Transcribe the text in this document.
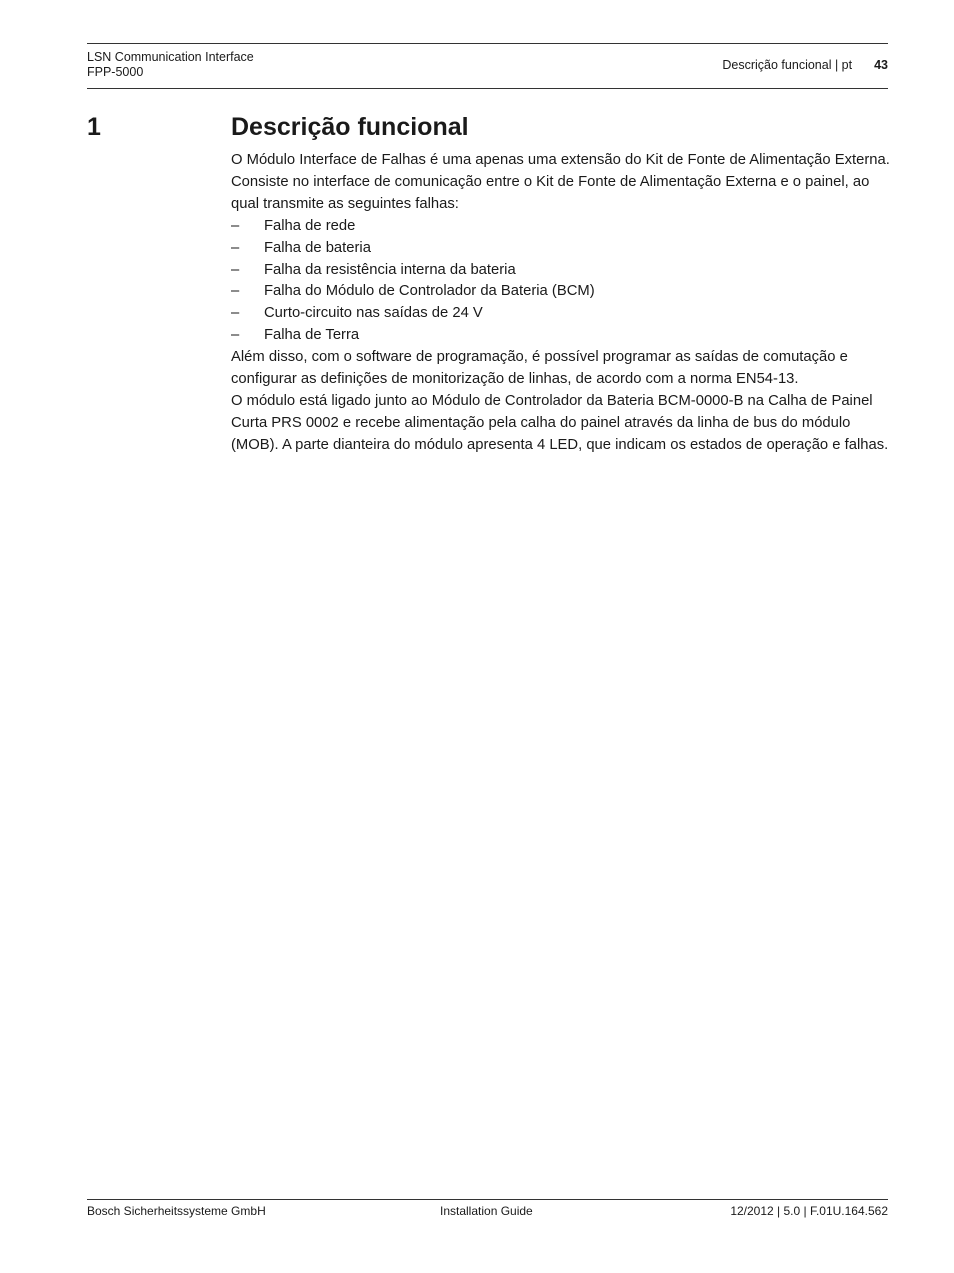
LSN Communication Interface
FPP-5000	Descrição funcional | pt 43
1	Descrição funcional

O Módulo Interface de Falhas é uma apenas uma extensão do Kit de Fonte de Alimentação Externa. Consiste no interface de comunicação entre o Kit de Fonte de Alimentação Externa e o painel, ao qual transmite as seguintes falhas:

– Falha de rede
– Falha de bateria
– Falha da resistência interna da bateria
– Falha do Módulo de Controlador da Bateria (BCM)
– Curto-circuito nas saídas de 24 V
– Falha de Terra

Além disso, com o software de programação, é possível programar as saídas de comutação e configurar as definições de monitorização de linhas, de acordo com a norma EN54-13.

O módulo está ligado junto ao Módulo de Controlador da Bateria BCM-0000-B na Calha de Painel Curta PRS 0002 e recebe alimentação pela calha do painel através da linha de bus do módulo (MOB). A parte dianteira do módulo apresenta 4 LED, que indicam os estados de operação e falhas.

Bosch Sicherheitssysteme GmbH	Installation Guide	12/2012 | 5.0 | F.01U.164.562
